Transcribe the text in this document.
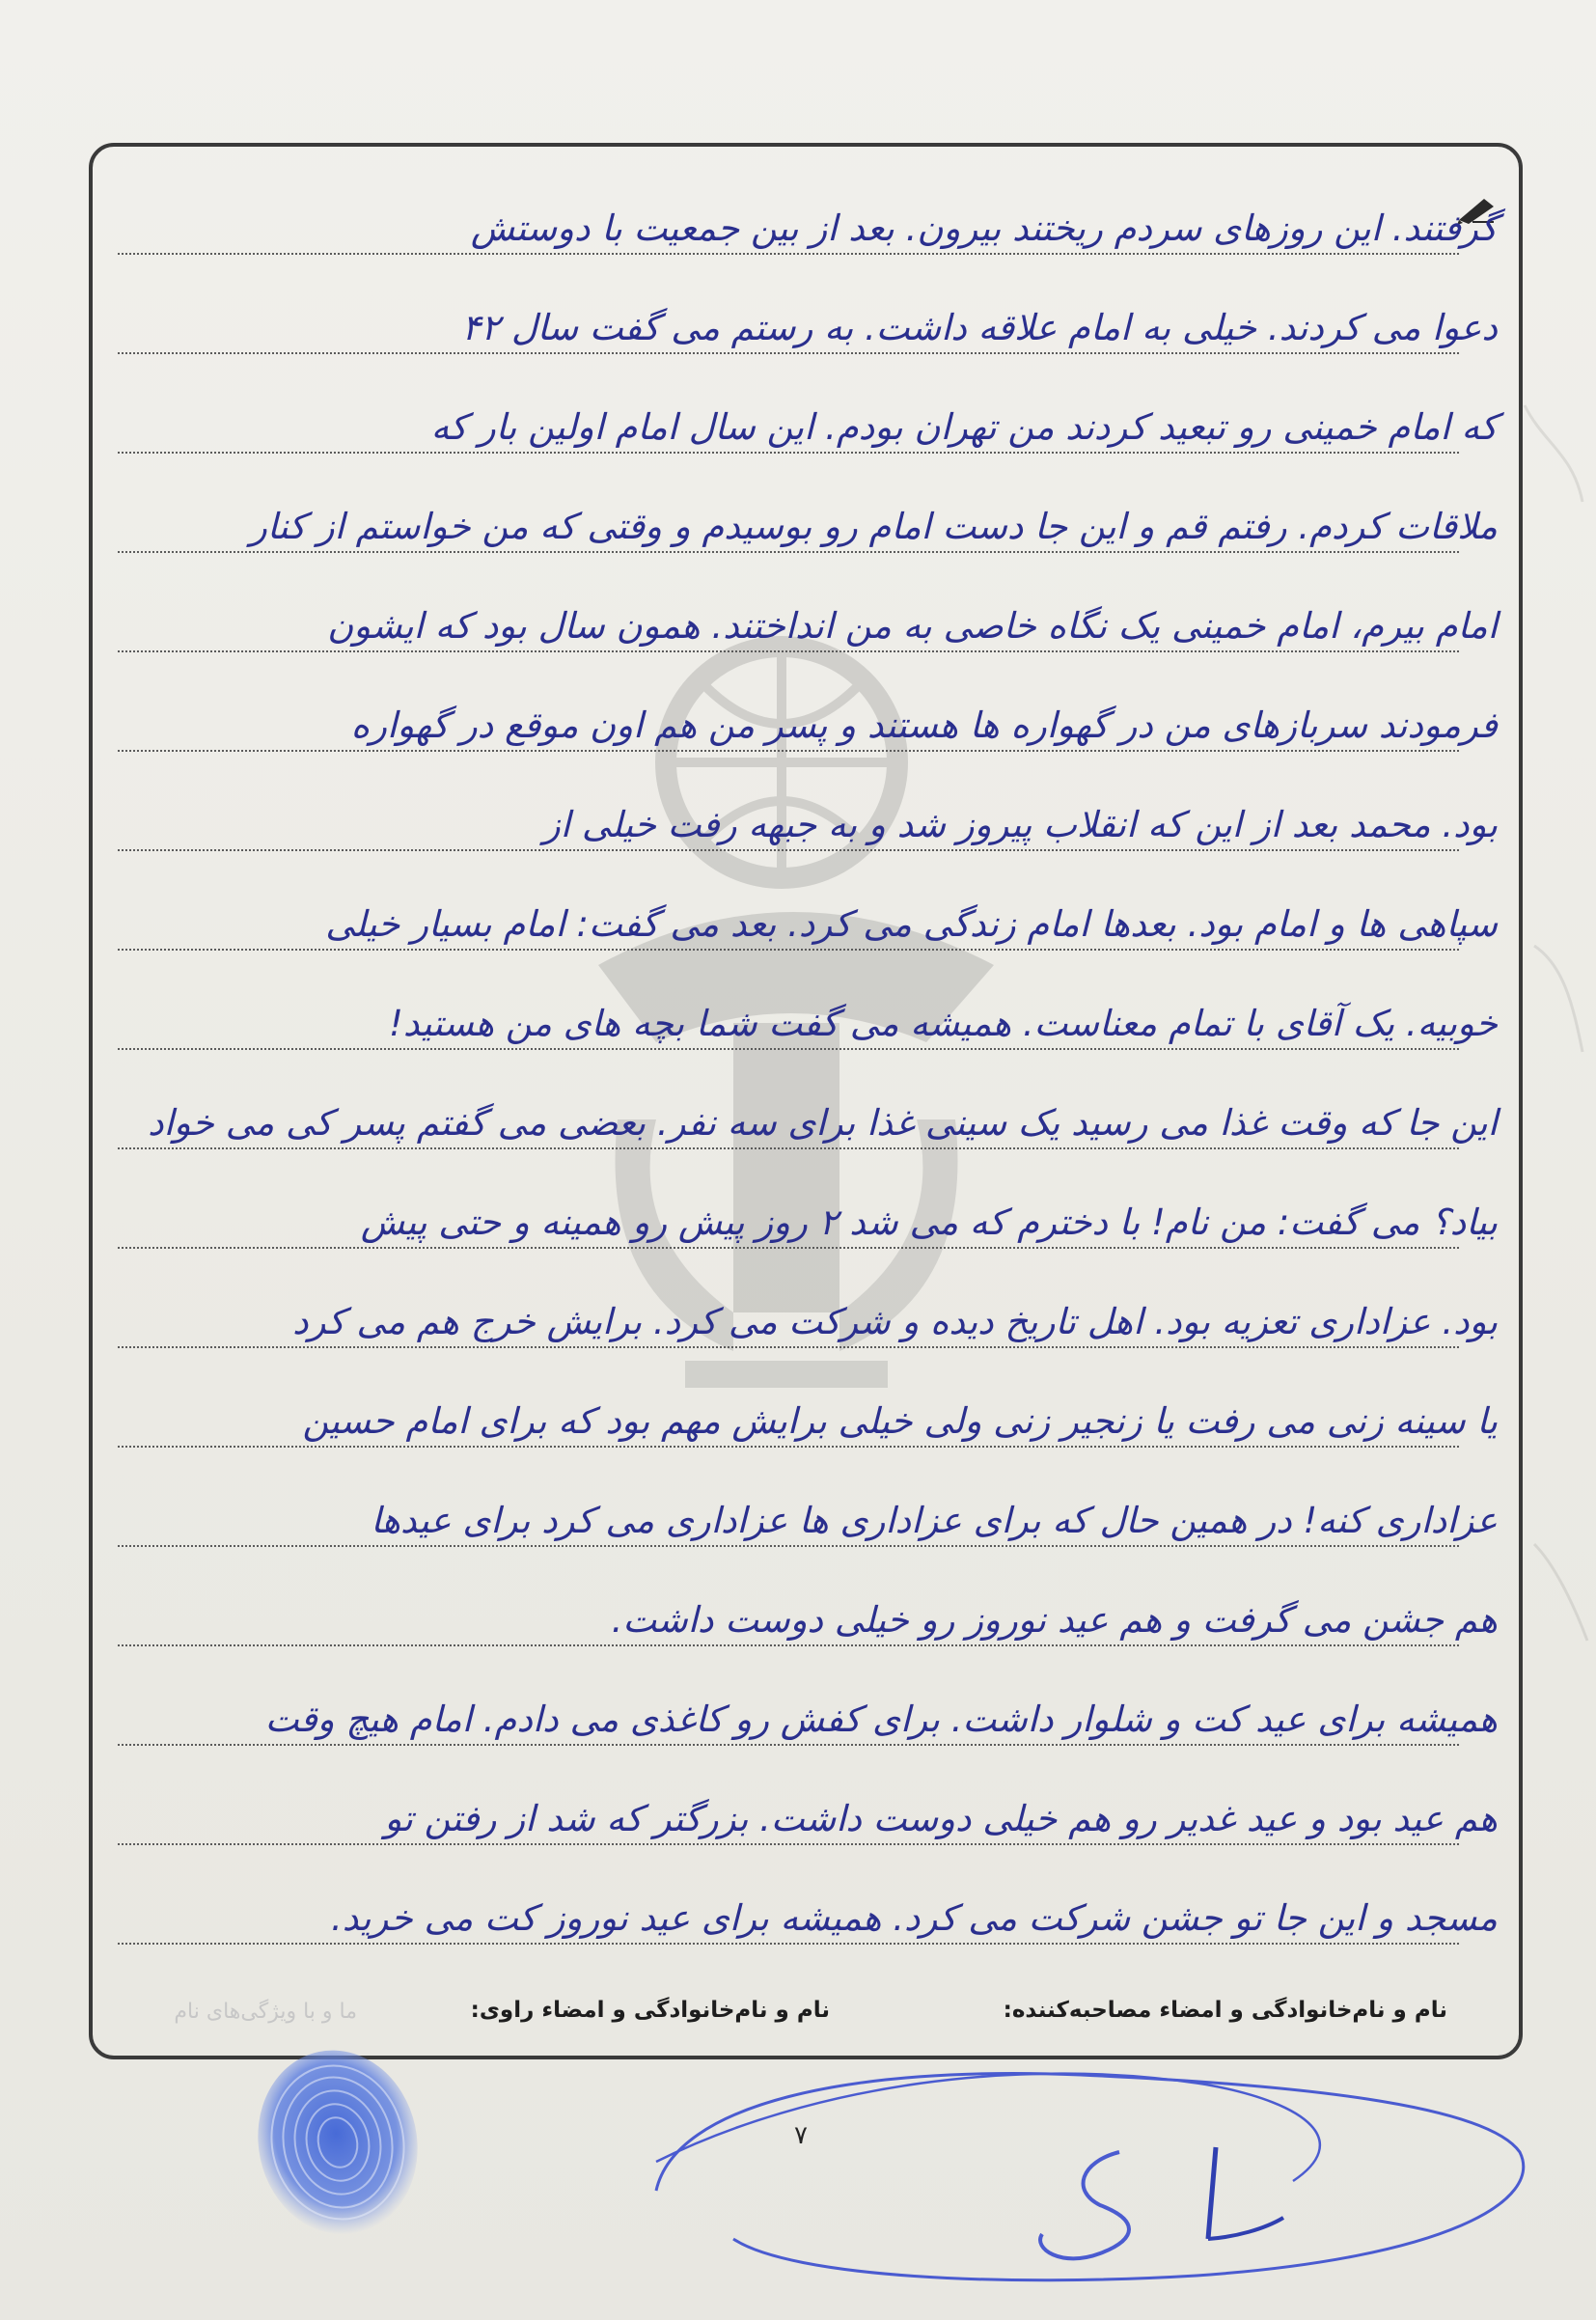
گرفتند. این روزهای سردم ریختند بیرون. بعد از بین جمعیت با دوستش
دعوا می کردند. خیلی به امام علاقه داشت. به رستم می گفت سال ۴۲
که امام خمینی رو تبعید کردند من تهران بودم. این سال امام اولین بار که
ملاقات کردم. رفتم قم و این جا دست امام رو بوسیدم و وقتی که من خواستم از کنار
امام بیرم، امام خمینی یک نگاه خاصی به من انداختند. همون سال بود که ایشون
فرمودند سربازهای من در گهواره ها هستند و پسر من هم اون موقع در گهواره
بود. محمد بعد از این که انقلاب پیروز شد و به جبهه رفت خیلی از
سپاهی ها و امام بود. بعدها امام زندگی می کرد. بعد می گفت: امام بسیار خیلی
خوبیه. یک آقای با تمام معناست. همیشه می گفت شما بچه های من هستید!
این جا که وقت غذا می رسید یک سینی غذا برای سه نفر. بعضی می گفتم پسر کی می خواد
بیاد؟ می گفت: من نام! با دخترم که می شد ۲ روز پیش رو همینه و حتی پیش
بود. عزاداری تعزیه بود. اهل تاریخ دیده و شرکت می کرد. برایش خرج هم می کرد
یا سینه زنی می رفت یا زنجیر زنی ولی خیلی برایش مهم بود که برای امام حسین
عزاداری کنه! در همین حال که برای عزاداری ها عزاداری می کرد برای عیدها
هم جشن می گرفت و هم عید نوروز رو خیلی دوست داشت.
همیشه برای عید کت و شلوار داشت. برای کفش رو کاغذی می دادم. امام هیچ وقت
هم عید بود و عید غدیر رو هم خیلی دوست داشت. بزرگتر که شد از رفتن تو
مسجد و این جا تو جشن شرکت می کرد. همیشه برای عید نوروز کت می خرید.
نام و نام‌خانوادگی و امضاء مصاحبه‌کننده:
نام و نام‌خانوادگی و امضاء راوی:
ما و با ویژگی‌های نام
۷
